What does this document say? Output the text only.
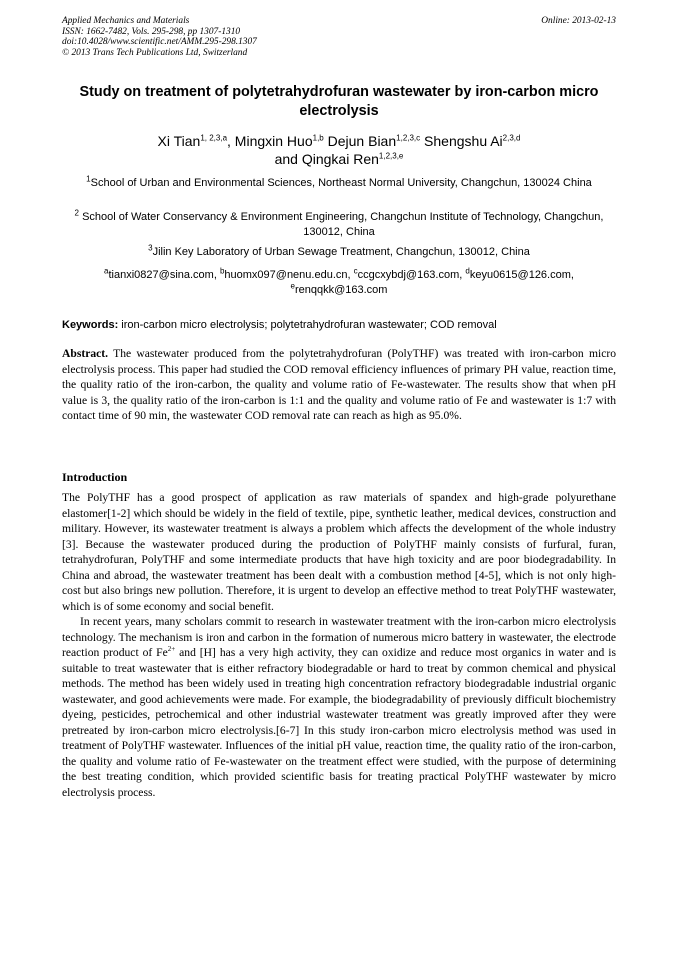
Applied Mechanics and Materials
ISSN: 1662-7482, Vols. 295-298, pp 1307-1310
doi:10.4028/www.scientific.net/AMM.295-298.1307
© 2013 Trans Tech Publications Ltd, Switzerland
Online: 2013-02-13
Study on treatment of polytetrahydrofuran wastewater by iron-carbon micro electrolysis
Xi Tian$^{1, 2,3,a}$, Mingxin Huo$^{1,b}$ Dejun Bian$^{1,2,3,c}$ Shengshu Ai$^{2,3,d}$
and Qingkai Ren$^{1,2,3,e}$
$^1$School of Urban and Environmental Sciences, Northeast Normal University, Changchun, 130024 China
$^2$ School of Water Conservancy & Environment Engineering, Changchun Institute of Technology, Changchun, 130012, China
$^3$Jilin Key Laboratory of Urban Sewage Treatment, Changchun, 130012, China
$^a$tianxi0827@sina.com, $^b$huomx097@nenu.edu.cn, $^c$ccgcxybdj@163.com, $^d$keyu0615@126.com,
$^e$renqqkk@163.com
Keywords: iron-carbon micro electrolysis; polytetrahydrofuran wastewater; COD removal
Abstract. The wastewater produced from the polytetrahydrofuran (PolyTHF) was treated with iron-carbon micro electrolysis process. This paper had studied the COD removal efficiency influences of primary PH value, reaction time, the quality ratio of the iron-carbon, the quality and volume ratio of Fe-wastewater. The results show that when pH value is 3, the quality ratio of the iron-carbon is 1:1 and the quality and volume ratio of Fe and wastewater is 1:7 with contact time of 90 min, the wastewater COD removal rate can reach as high as 95.0%.
Introduction

The PolyTHF has a good prospect of application as raw materials of spandex and high-grade polyurethane elastomer[1-2] which should be widely in the field of textile, pipe, synthetic leather, medical devices, construction and military. However, its wastewater treatment is always a problem which affects the development of the whole industry [3]. Because the wastewater produced during the production of PolyTHF mainly consists of furfural, furan, tetrahydrofuran, PolyTHF and some intermediate products that have high toxicity and are poor biodegradability. In China and abroad, the wastewater treatment has been dealt with a combustion method [4-5], which is not only high-cost but also brings new pollution. Therefore, it is urgent to develop an effective method to treat PolyTHF wastewater, which is of some economy and social benefit.

In recent years, many scholars commit to research in wastewater treatment with the iron-carbon micro electrolysis technology. The mechanism is iron and carbon in the formation of numerous micro battery in wastewater, the electrode reaction product of $Fe^{2+}$ and [H] has a very high activity, they can oxidize and reduce most organics in water and is suitable to treat wastewater that is either refractory biodegradable or hard to treat by common chemical and physical methods. The method has been widely used in treating high concentration refractory biodegradable industrial organic wastewater, and good achievements were made. For example, the biodegradability of previously difficult biochemistry dyeing, pesticides, petrochemical and other industrial wastewater treatment was greatly improved after they were pretreated by iron-carbon micro electrolysis.[6-7] In this study iron-carbon micro electrolysis method was used in treatment of PolyTHF wastewater. Influences of the initial pH value, reaction time, the quality ratio of the iron-carbon, the quality and volume ratio of Fe-wastewater on the treatment effect were studied, with the purpose of determining the best treating condition, which provided scientific basis for treating practical PolyTHF wastewater by micro electrolysis process.
